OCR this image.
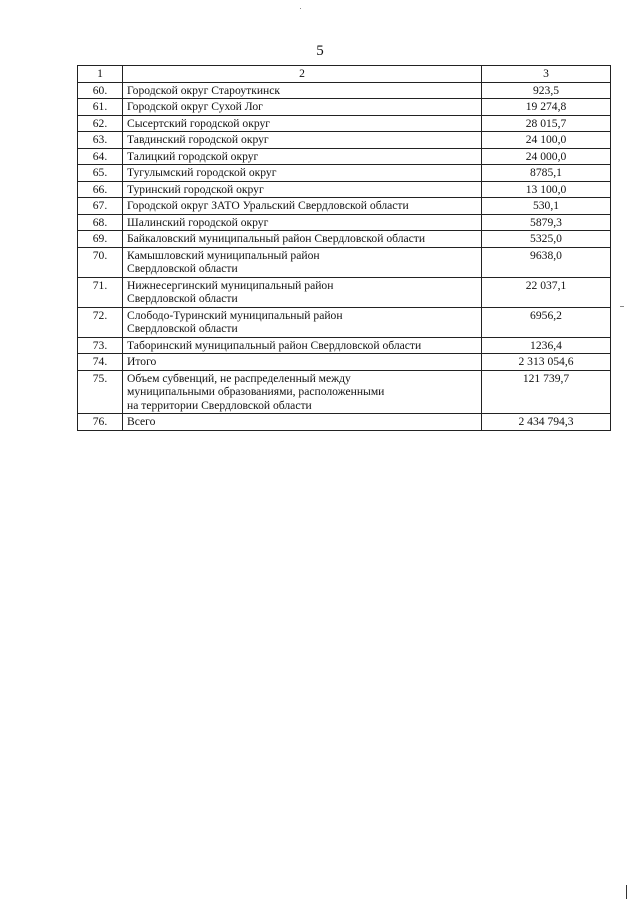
5
1	2	3
60.	Городской округ Староуткинск	923,5
61.	Городской округ Сухой Лог	19 274,8
62.	Сысертский городской округ	28 015,7
63.	Тавдинский городской округ	24 100,0
64.	Талицкий городской округ	24 000,0
65.	Тугулымский городской округ	8785,1
66.	Туринский городской округ	13 100,0
67.	Городской округ ЗАТО Уральский Свердловской области	530,1
68.	Шалинский городской округ	5879,3
69.	Байкаловский муниципальный район Свердловской области	5325,0
70.	Камышловский муниципальный район
Свердловской области	9638,0
71.	Нижнесергинский муниципальный район
Свердловской области	22 037,1
72.	Слободо-Туринский муниципальный район
Свердловской области	6956,2
73.	Таборинский муниципальный район Свердловской области	1236,4
74.	Итого	2 313 054,6
75.	Объем субвенций, не распределенный между
муниципальными образованиями, расположенными
на территории Свердловской области	121 739,7
76.	Всего	2 434 794,3
